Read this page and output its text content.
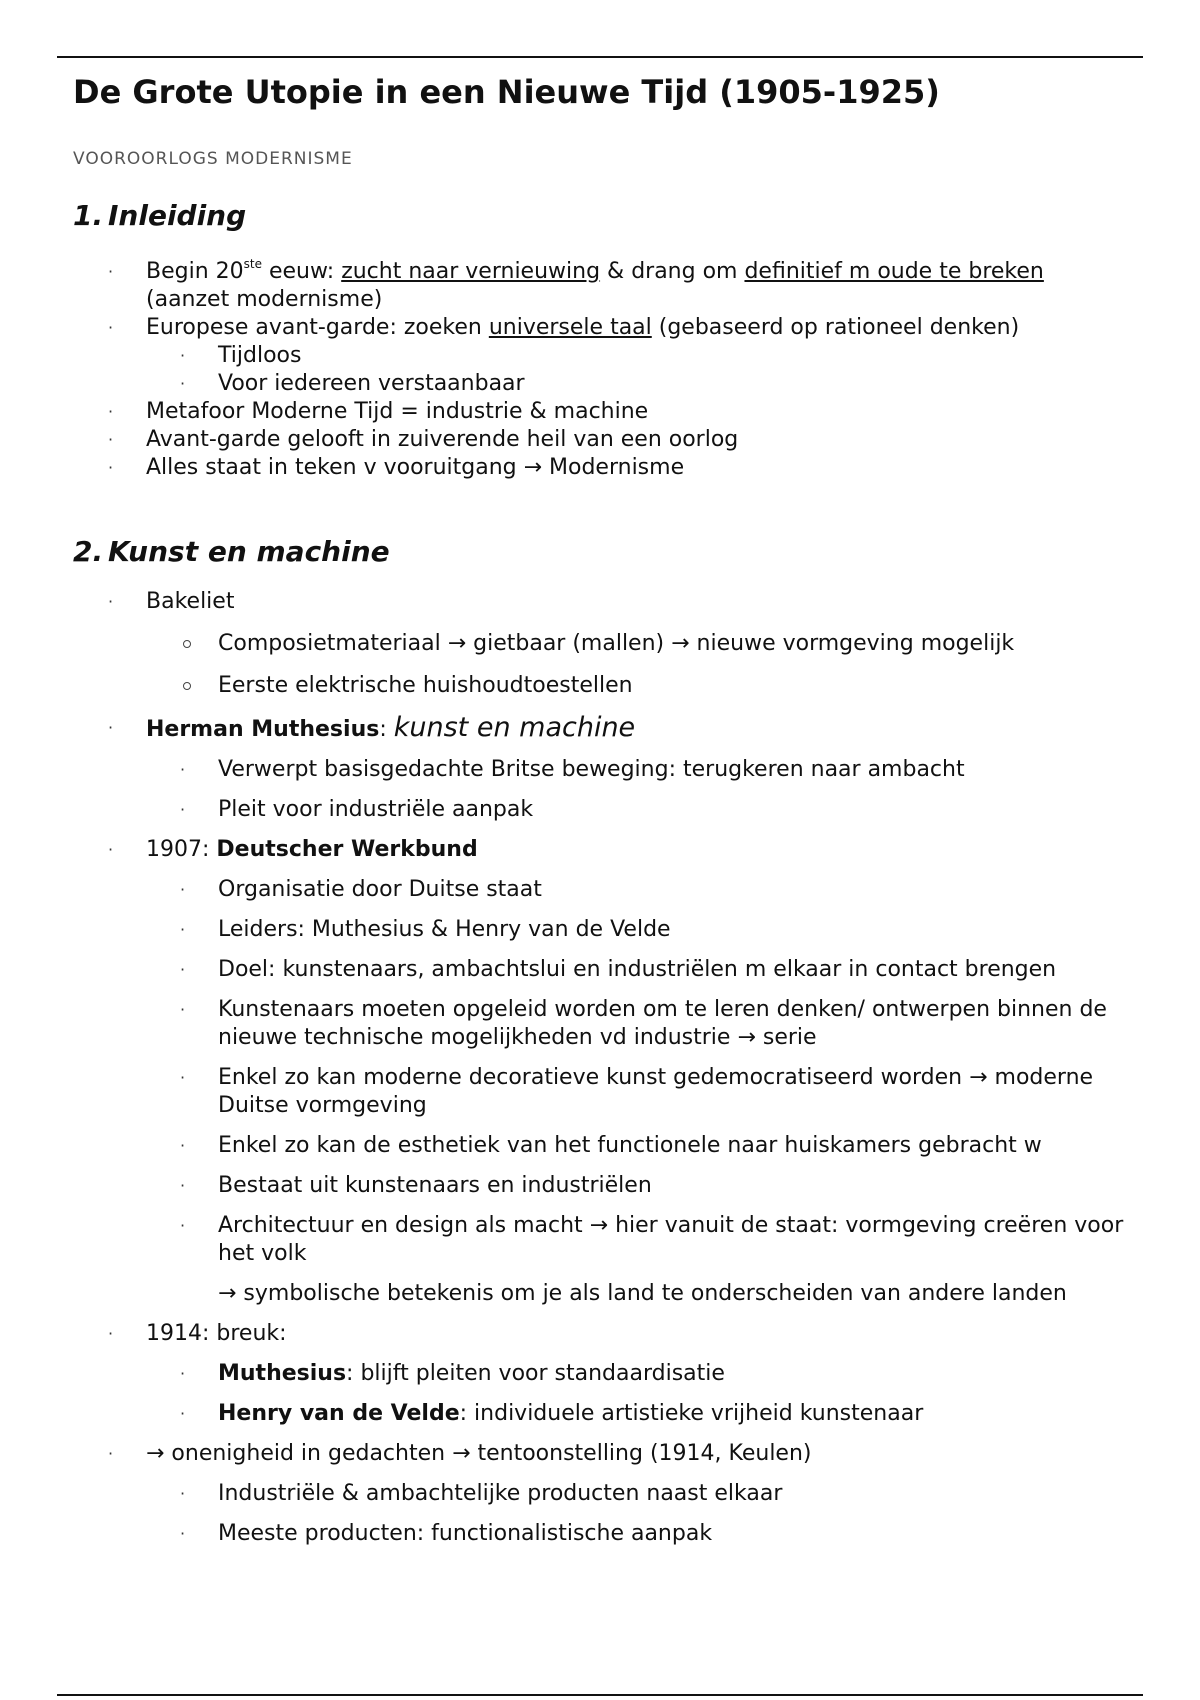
De Grote Utopie in een Nieuwe Tijd (1905-1925)
VOOROORLOGS MODERNISME
1. Inleiding
· Begin 20ste eeuw: zucht naar vernieuwing & drang om definitief m oude te breken (aanzet modernisme)
· Europese avant-garde: zoeken universele taal (gebaseerd op rationeel denken)
· Tijdloos
· Voor iedereen verstaanbaar
· Metafoor Moderne Tijd = industrie & machine
· Avant-garde gelooft in zuiverende heil van een oorlog
· Alles staat in teken v vooruitgang → Modernisme
2. Kunst en machine
· Bakeliet
Composietmateriaal → gietbaar (mallen) → nieuwe vormgeving mogelijk
Eerste elektrische huishoudtoestellen
· Herman Muthesius: kunst en machine
· Verwerpt basisgedachte Britse beweging: terugkeren naar ambacht
· Pleit voor industriële aanpak
· 1907: Deutscher Werkbund
· Organisatie door Duitse staat
· Leiders: Muthesius & Henry van de Velde
· Doel: kunstenaars, ambachtslui en industriëlen m elkaar in contact brengen
· Kunstenaars moeten opgeleid worden om te leren denken/ ontwerpen binnen de nieuwe technische mogelijkheden vd industrie → serie
· Enkel zo kan moderne decoratieve kunst gedemocratiseerd worden → moderne Duitse vormgeving
· Enkel zo kan de esthetiek van het functionele naar huiskamers gebracht w
· Bestaat uit kunstenaars en industriëlen
· Architectuur en design als macht → hier vanuit de staat: vormgeving creëren voor het volk
→ symbolische betekenis om je als land te onderscheiden van andere landen
· 1914: breuk:
· Muthesius: blijft pleiten voor standaardisatie
· Henry van de Velde: individuele artistieke vrijheid kunstenaar
· → onenigheid in gedachten → tentoonstelling (1914, Keulen)
· Industriële & ambachtelijke producten naast elkaar
· Meeste producten: functionalistische aanpak
